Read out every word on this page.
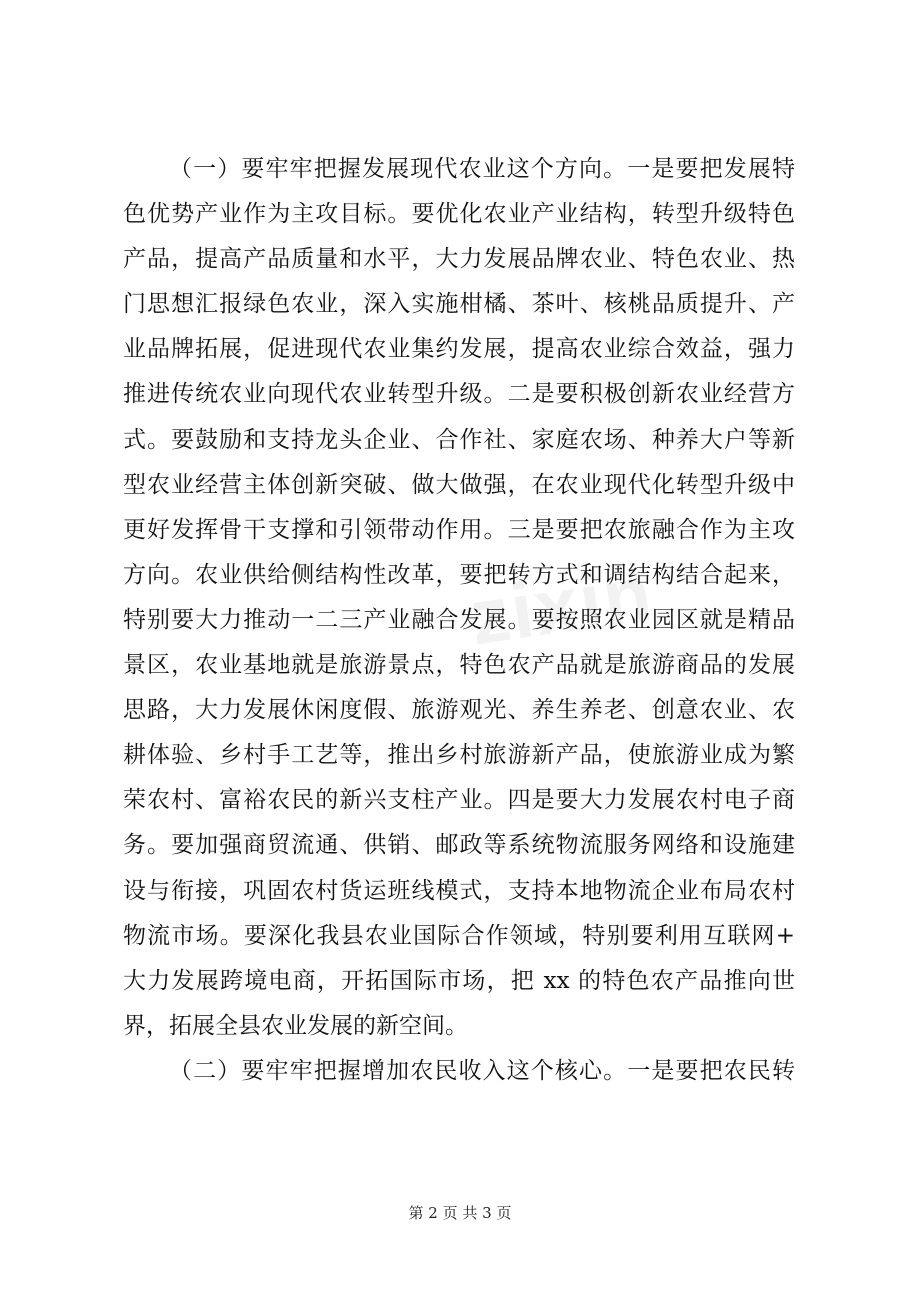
zixin
（一）要牢牢把握发展现代农业这个方向。一是要把发展特
色优势产业作为主攻目标。要优化农业产业结构，转型升级特色
产品，提高产品质量和水平，大力发展品牌农业、特色农业、热
门思想汇报绿色农业，深入实施柑橘、茶叶、核桃品质提升、产
业品牌拓展，促进现代农业集约发展，提高农业综合效益，强力
推进传统农业向现代农业转型升级。二是要积极创新农业经营方
式。要鼓励和支持龙头企业、合作社、家庭农场、种养大户等新
型农业经营主体创新突破、做大做强，在农业现代化转型升级中
更好发挥骨干支撑和引领带动作用。三是要把农旅融合作为主攻
方向。农业供给侧结构性改革，要把转方式和调结构结合起来，
特别要大力推动一二三产业融合发展。要按照农业园区就是精品
景区，农业基地就是旅游景点，特色农产品就是旅游商品的发展
思路，大力发展休闲度假、旅游观光、养生养老、创意农业、农
耕体验、乡村手工艺等，推出乡村旅游新产品，使旅游业成为繁
荣农村、富裕农民的新兴支柱产业。四是要大力发展农村电子商
务。要加强商贸流通、供销、邮政等系统物流服务网络和设施建
设与衔接，巩固农村货运班线模式，支持本地物流企业布局农村
物流市场。要深化我县农业国际合作领域，特别要利用互联网+
大力发展跨境电商，开拓国际市场，把 xx 的特色农产品推向世
界，拓展全县农业发展的新空间。
（二）要牢牢把握增加农民收入这个核心。一是要把农民转
第 2 页 共 3 页
